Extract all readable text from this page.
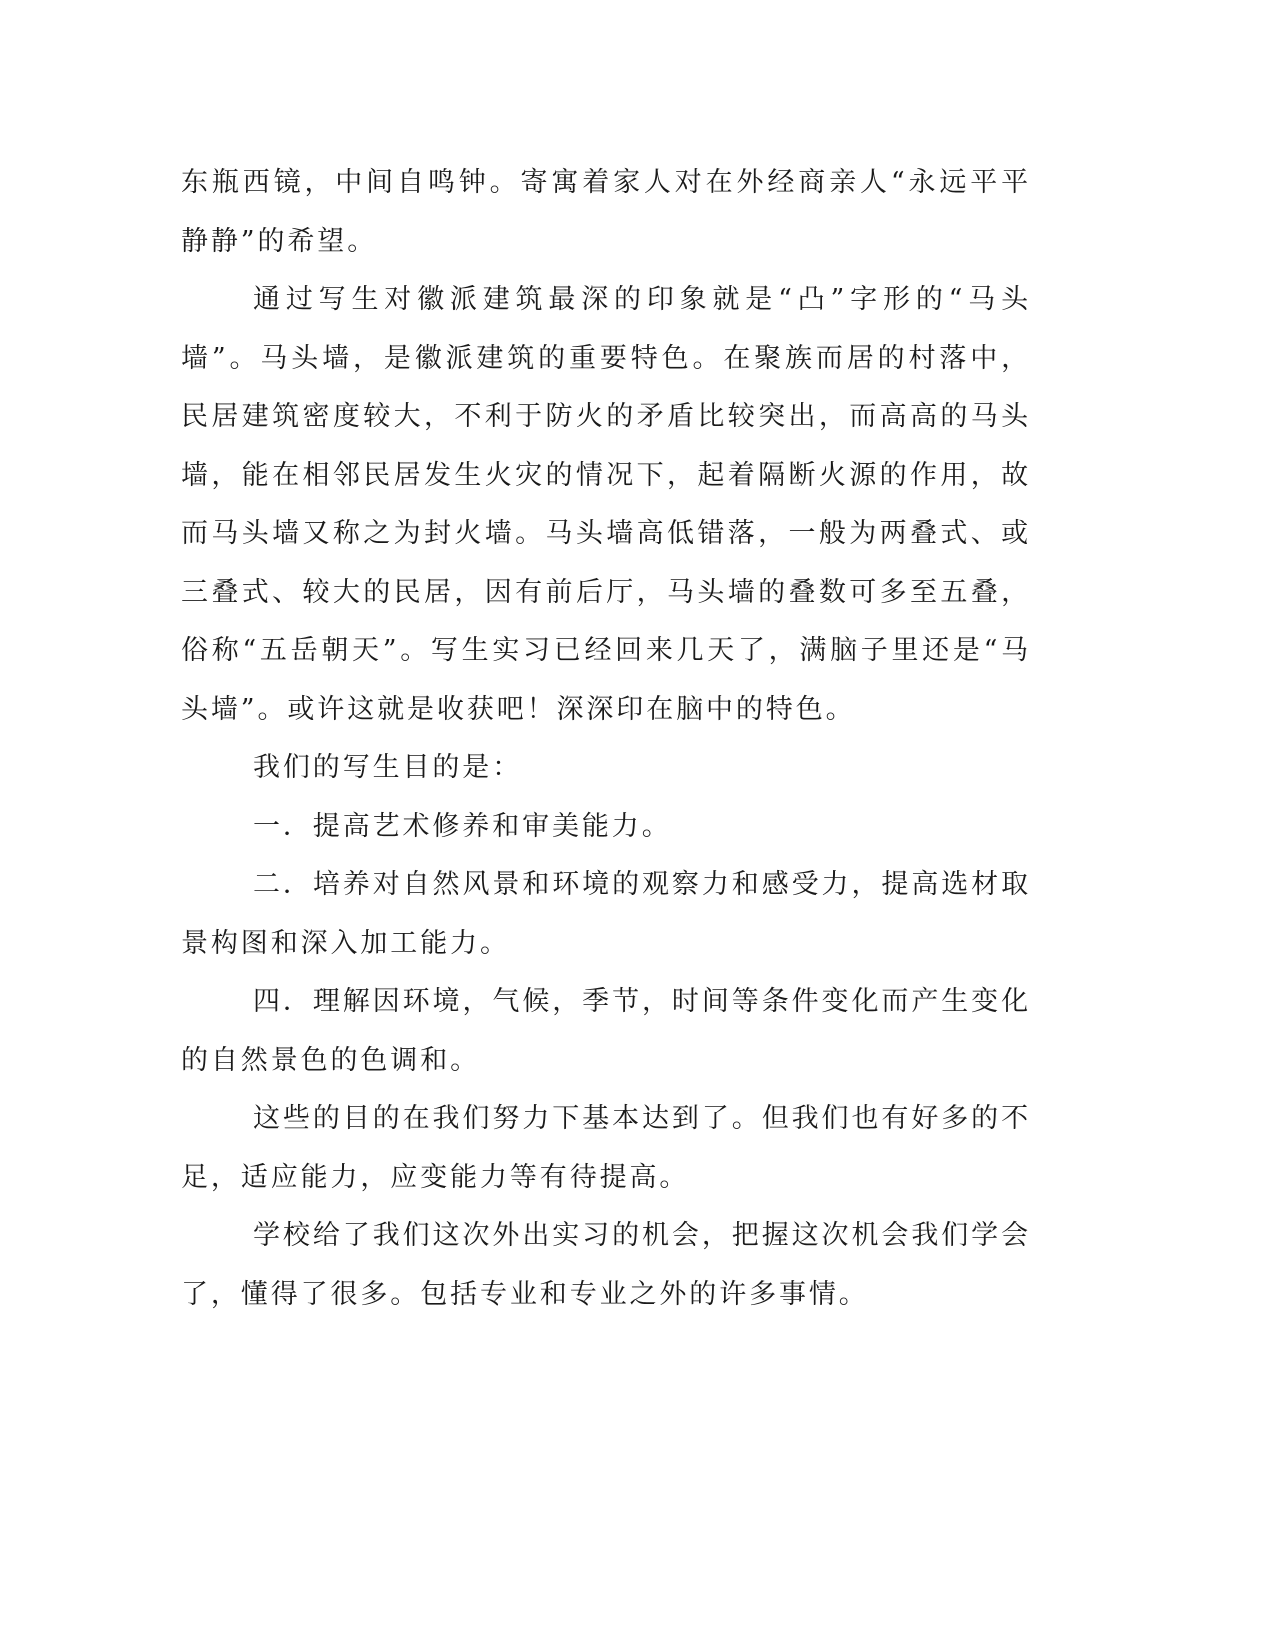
东瓶西镜，中间自鸣钟。寄寓着家人对在外经商亲人“永远平平静静”的希望。

通过写生对徽派建筑最深的印象就是“凸”字形的“马头墙”。马头墙，是徽派建筑的重要特色。在聚族而居的村落中，民居建筑密度较大，不利于防火的矛盾比较突出，而高高的马头墙，能在相邻民居发生火灾的情况下，起着隔断火源的作用，故而马头墙又称之为封火墙。马头墙高低错落，一般为两叠式、或三叠式、较大的民居，因有前后厅，马头墙的叠数可多至五叠，俗称“五岳朝天”。写生实习已经回来几天了，满脑子里还是“马头墙”。或许这就是收获吧！深深印在脑中的特色。

我们的写生目的是：

一．提高艺术修养和审美能力。

二．培养对自然风景和环境的观察力和感受力，提高选材取景构图和深入加工能力。

四．理解因环境，气候，季节，时间等条件变化而产生变化的自然景色的色调和。

这些的目的在我们努力下基本达到了。但我们也有好多的不足，适应能力，应变能力等有待提高。

学校给了我们这次外出实习的机会，把握这次机会我们学会了，懂得了很多。包括专业和专业之外的许多事情。
